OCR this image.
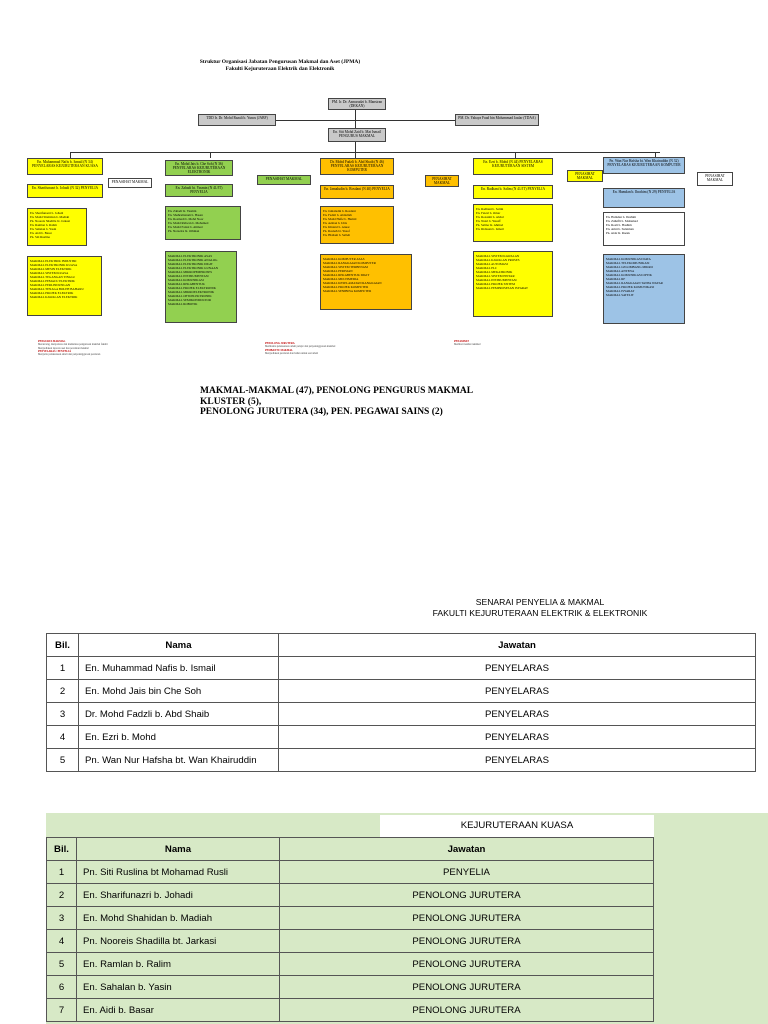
Struktur Organisasi Jabatan Pengurusan Makmal dan Aset (JPMA)
Fakulti Kejuruteraan Elektrik dan Elektronik
PM. Ir. Dr. Azmarudzi b. Mansiran (DEKAN)
TDD Ir. Dr. Mohd Razali b. Yunos (JABF)	PM. Dr. Yahaya Fuad bin Mohammad Jaafar (TDAA)
En. Siti Mohd Zaid b. Mat Ismail PENGURUS MAKMAL
En. Muhammad Nafis b. Ismail (N 34) PENYELARAS KEJURUTERAAN KUASA
En. Sharifunazri b. Johadi (N 32) PENYELIA
PENASIHAT MAKMAL
En. Sharifunazri b. Johadi
En. Mohd Shahidan b. Madiah
Pn. Nooreis Shadilla bt. Jarkasi
En. Ramlan b. Ralim
En. Sahalan b. Yasin
En. Aidi b. Basar
Pn. Siti Ruslina
MAKMAL ELEKTRIK INDUSTRI
MAKMAL ELEKTRONIK KUASA
MAKMAL MESIN ELEKTRIK
MAKMAL SISTEM KUASA
MAKMAL TEGANGAN TINGGI
MAKMAL PEMACU ELEKTRIK
MAKMAL PERLINDUNGAN
MAKMAL TENAGA BOLEH BAHARU
MAKMAL PROJEK ELEKTRIK
MAKMAL KAWALAN ELEKTRIK
En. Mohd Jais b. Che Soh (N 36) PENYELARAS KEJURUTERAAN ELEKTRONIK
En. Zahadi bt. Yasmin (N 41/JT) PENYELIA
PENASIHAT MAKMAL
En. Zahadi bt. Yasmin
En. Shahrulnizam b. Hasan
En. Rosmadi b. Mohd Noor
En. Mohd Ridwan b. Mohamed
En. Mohd Faizal b. Ahmad
Pn. Norazira bt. Othman
MAKMAL ELEKTRONIK ASAS
MAKMAL ELEKTRONIK ANALOG
MAKMAL ELEKTRONIK DIGIT
MAKMAL ELEKTRONIK GUNAAN
MAKMAL MIKROPEMPROSES
MAKMAL INSTRUMENTASI
MAKMAL KOMUNIKASI
MAKMAL REKABENTUK
MAKMAL PROJEK ELEKTRONIK
MAKMAL MIKROELEKTRONIK
MAKMAL OPTOELEKTRONIK
MAKMAL SEMIKONDUKTOR
MAKMAL ROBOTIK
Dr. Mohd Fadzli b. Abd Shaib (N 46) PENYELARAS KEJURUTERAAN KOMPUTER
En. Jamaludin b. Rosdani (N 40) PENYELIA
PENASIHAT MAKMAL
En. Jamaludin b. Rosdani
En. Fadzil b. Abdullah
En. Mohd Hafiz b. Hamid
En. Azman b. Idris
En. Khairul b. Anuar
Pn. Rosnah bt. Yusof
En. Hisham b. Salleh
MAKMAL KOMPUTER ASAS
MAKMAL RANGKAIAN KOMPUTER
MAKMAL SISTEM TERBENAM
MAKMAL PERISIAN
MAKMAL REKABENTUK DIGIT
MAKMAL MULTIMEDIA
MAKMAL KESELAMATAN RANGKAIAN
MAKMAL PROJEK KOMPUTER
MAKMAL SENIBINA KOMPUTER
En. Ezri b. Mohd (N 44) PENYELARAS KEJURUTERAAN SISTEM
En. Radhani b. Salim (N 41/JT) PENYELIA
PENASIHAT MAKMAL
En. Radhani b. Salim
En. Faizal b. Omar
En. Rozaimi b. Abdul
En. Nazri b. Yusoff
Pn. Salina bt. Ahmad
En. Ridzuan b. Ismail
MAKMAL SISTEM KAWALAN
MAKMAL KAWALAN PROSES
MAKMAL AUTOMASI
MAKMAL PLC
MAKMAL MEKATRONIK
MAKMAL SISTEM PINTAR
MAKMAL INSTRUMENTASI
MAKMAL PROJEK SISTEM
MAKMAL PEMPROSESAN ISYARAT
Pn. Wan Nur Hafsha bt. Wan Khairuddin (N 32) PENYELARAS KEJURUTERAAN KOMPUTER
En. Hamdan b. Ibrahim (N 29) PENYELIA
PENASIHAT MAKMAL
En. Hamdan b. Ibrahim
En. Zulkifli b. Mohamad
En. Rosli b. Hashim
En. Amri b. Sulaiman
Pn. Aida bt. Razak
MAKMAL KOMUNIKASI DATA
MAKMAL TELEKOMUNIKASI
MAKMAL GELOMBANG MIKRO
MAKMAL ANTENA
MAKMAL KOMUNIKASI OPTIK
MAKMAL RF
MAKMAL RANGKAIAN TANPA WAYAR
MAKMAL PROJEK KOMUNIKASI
MAKMAL ISYARAT
MAKMAL SATELIT
PENGURUS MAKMAL
Merancang, menyelaras dan memantau pengurusan makmal fakulti
Menyediakan laporan aset dan peralatan makmal
PENYELARAS / PENYELIA
Menyelia pelaksanaan amali dan penyelenggaraan peralatan
PENOLONG JURUTERA
Membantu pelaksanaan amali pelajar dan penyelenggaraan makmal
PEMBANTU MAKMAL
Menyediakan peralatan dan bahan untuk sesi amali
PENASIHAT
Memberi nasihat teknikal
MAKMAL-MAKMAL (47), PENOLONG PENGURUS MAKMAL KLUSTER (5),
PENOLONG JURUTERA (34), PEN. PEGAWAI SAINS (2)
SENARAI PENYELIA & MAKMAL
FAKULTI KEJURUTERAAN ELEKTRIK & ELEKTRONIK
Bil.	Nama	Jawatan
1	En. Muhammad Nafis b. Ismail	PENYELARAS
2	En. Mohd Jais bin Che Soh	PENYELARAS
3	Dr. Mohd Fadzli b. Abd Shaib	PENYELARAS
4	En. Ezri b. Mohd	PENYELARAS
5	Pn. Wan Nur Hafsha bt. Wan Khairuddin	PENYELARAS
KEJURUTERAAN KUASA
Bil.	Nama	Jawatan
1	Pn. Siti Ruslina bt Mohamad Rusli	PENYELIA
2	En. Sharifunazri b. Johadi	PENOLONG JURUTERA
3	En. Mohd Shahidan b. Madiah	PENOLONG JURUTERA
4	Pn. Nooreis Shadilla bt. Jarkasi	PENOLONG JURUTERA
5	En. Ramlan b. Ralim	PENOLONG JURUTERA
6	En. Sahalan b. Yasin	PENOLONG JURUTERA
7	En. Aidi b. Basar	PENOLONG JURUTERA
